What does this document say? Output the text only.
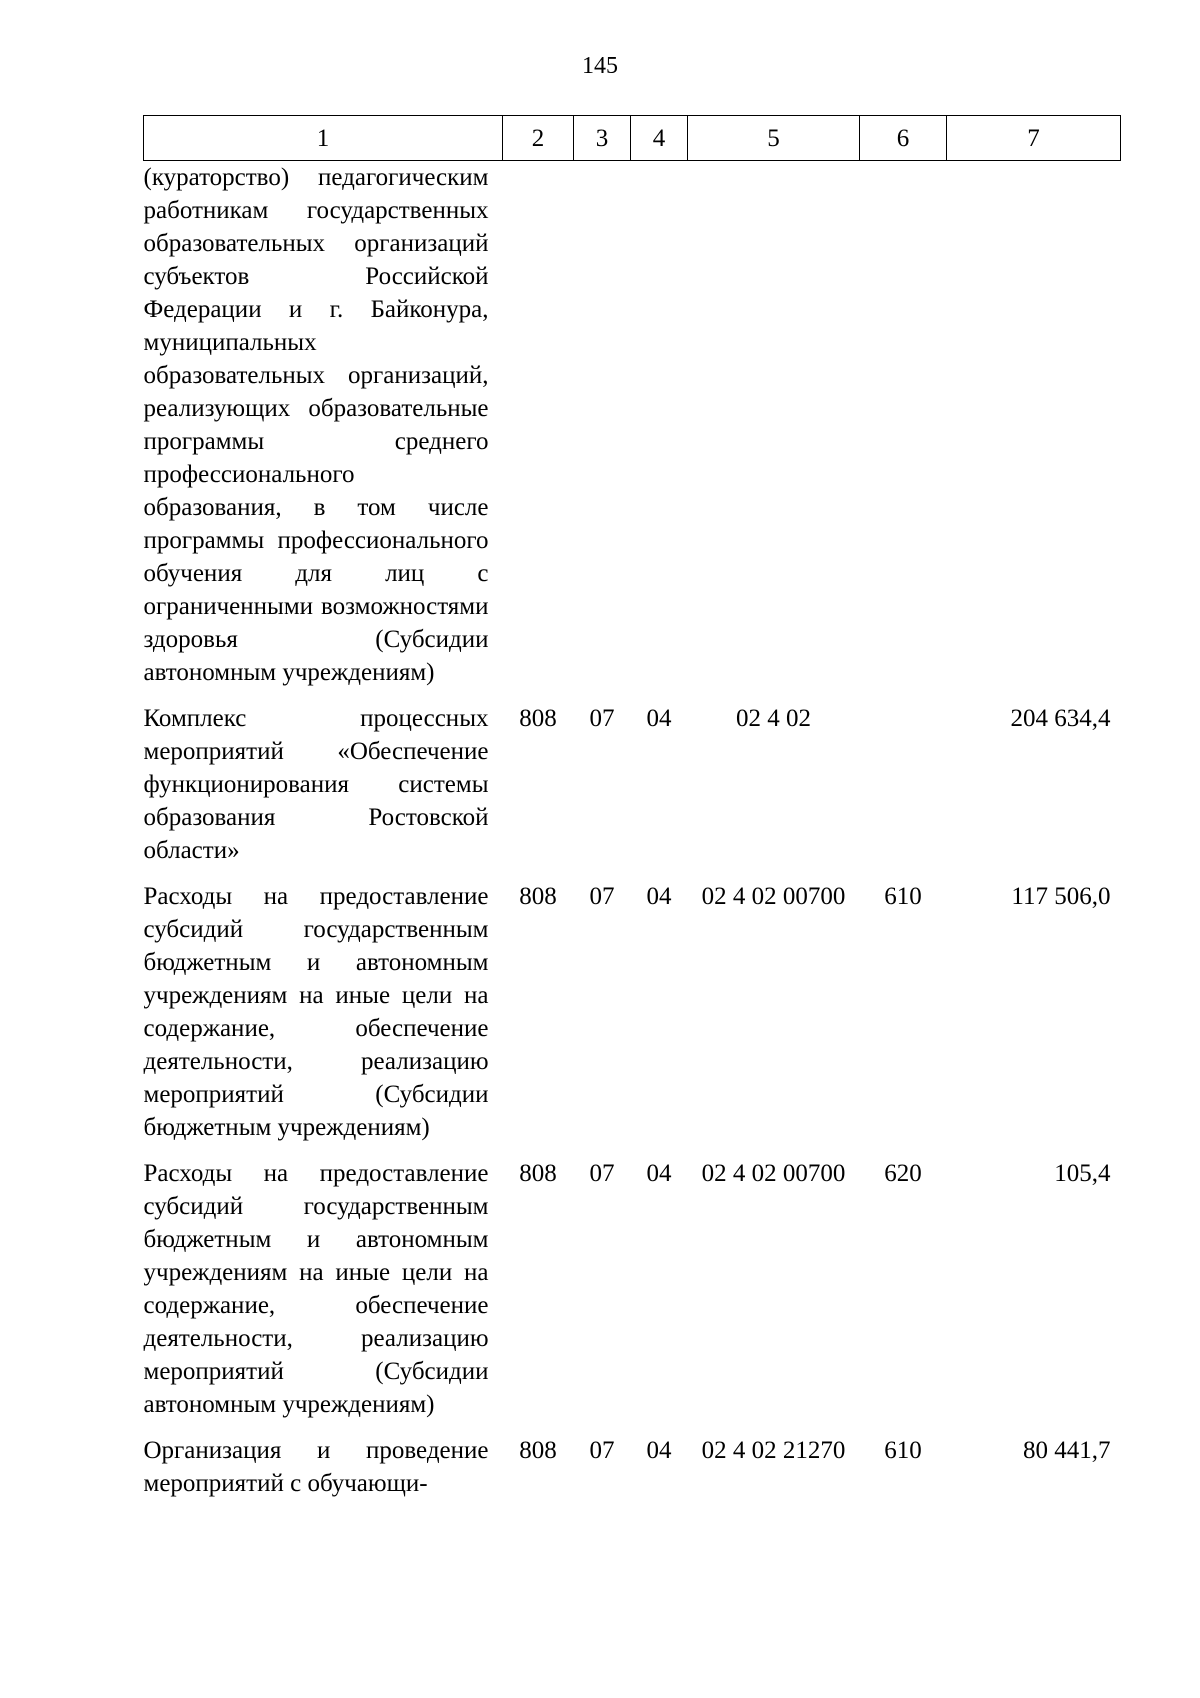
145
1	2	3	4	5	6	7
(кураторство) педагогическим работникам государственных образовательных организаций субъектов Российской Федерации и г. Байконура, муниципальных образовательных организаций, реализующих образовательные программы среднего профессионального образования, в том числе программы профессионального обучения для лиц с ограниченными возможностями здоровья (Субсидии автономным учреждениям)						
Комплекс процессных мероприятий «Обеспечение функционирования системы образования Ростовской области»	808	07	04	02 4 02		204 634,4
Расходы на предоставление субсидий государственным бюджетным и автономным учреждениям на иные цели на содержание, обеспечение деятельности, реализацию мероприятий (Субсидии бюджетным учреждениям)	808	07	04	02 4 02 00700	610	117 506,0
Расходы на предоставление субсидий государственным бюджетным и автономным учреждениям на иные цели на содержание, обеспечение деятельности, реализацию мероприятий (Субсидии автономным учреждениям)	808	07	04	02 4 02 00700	620	105,4
Организация и проведение мероприятий с обучающи-	808	07	04	02 4 02 21270	610	80 441,7
